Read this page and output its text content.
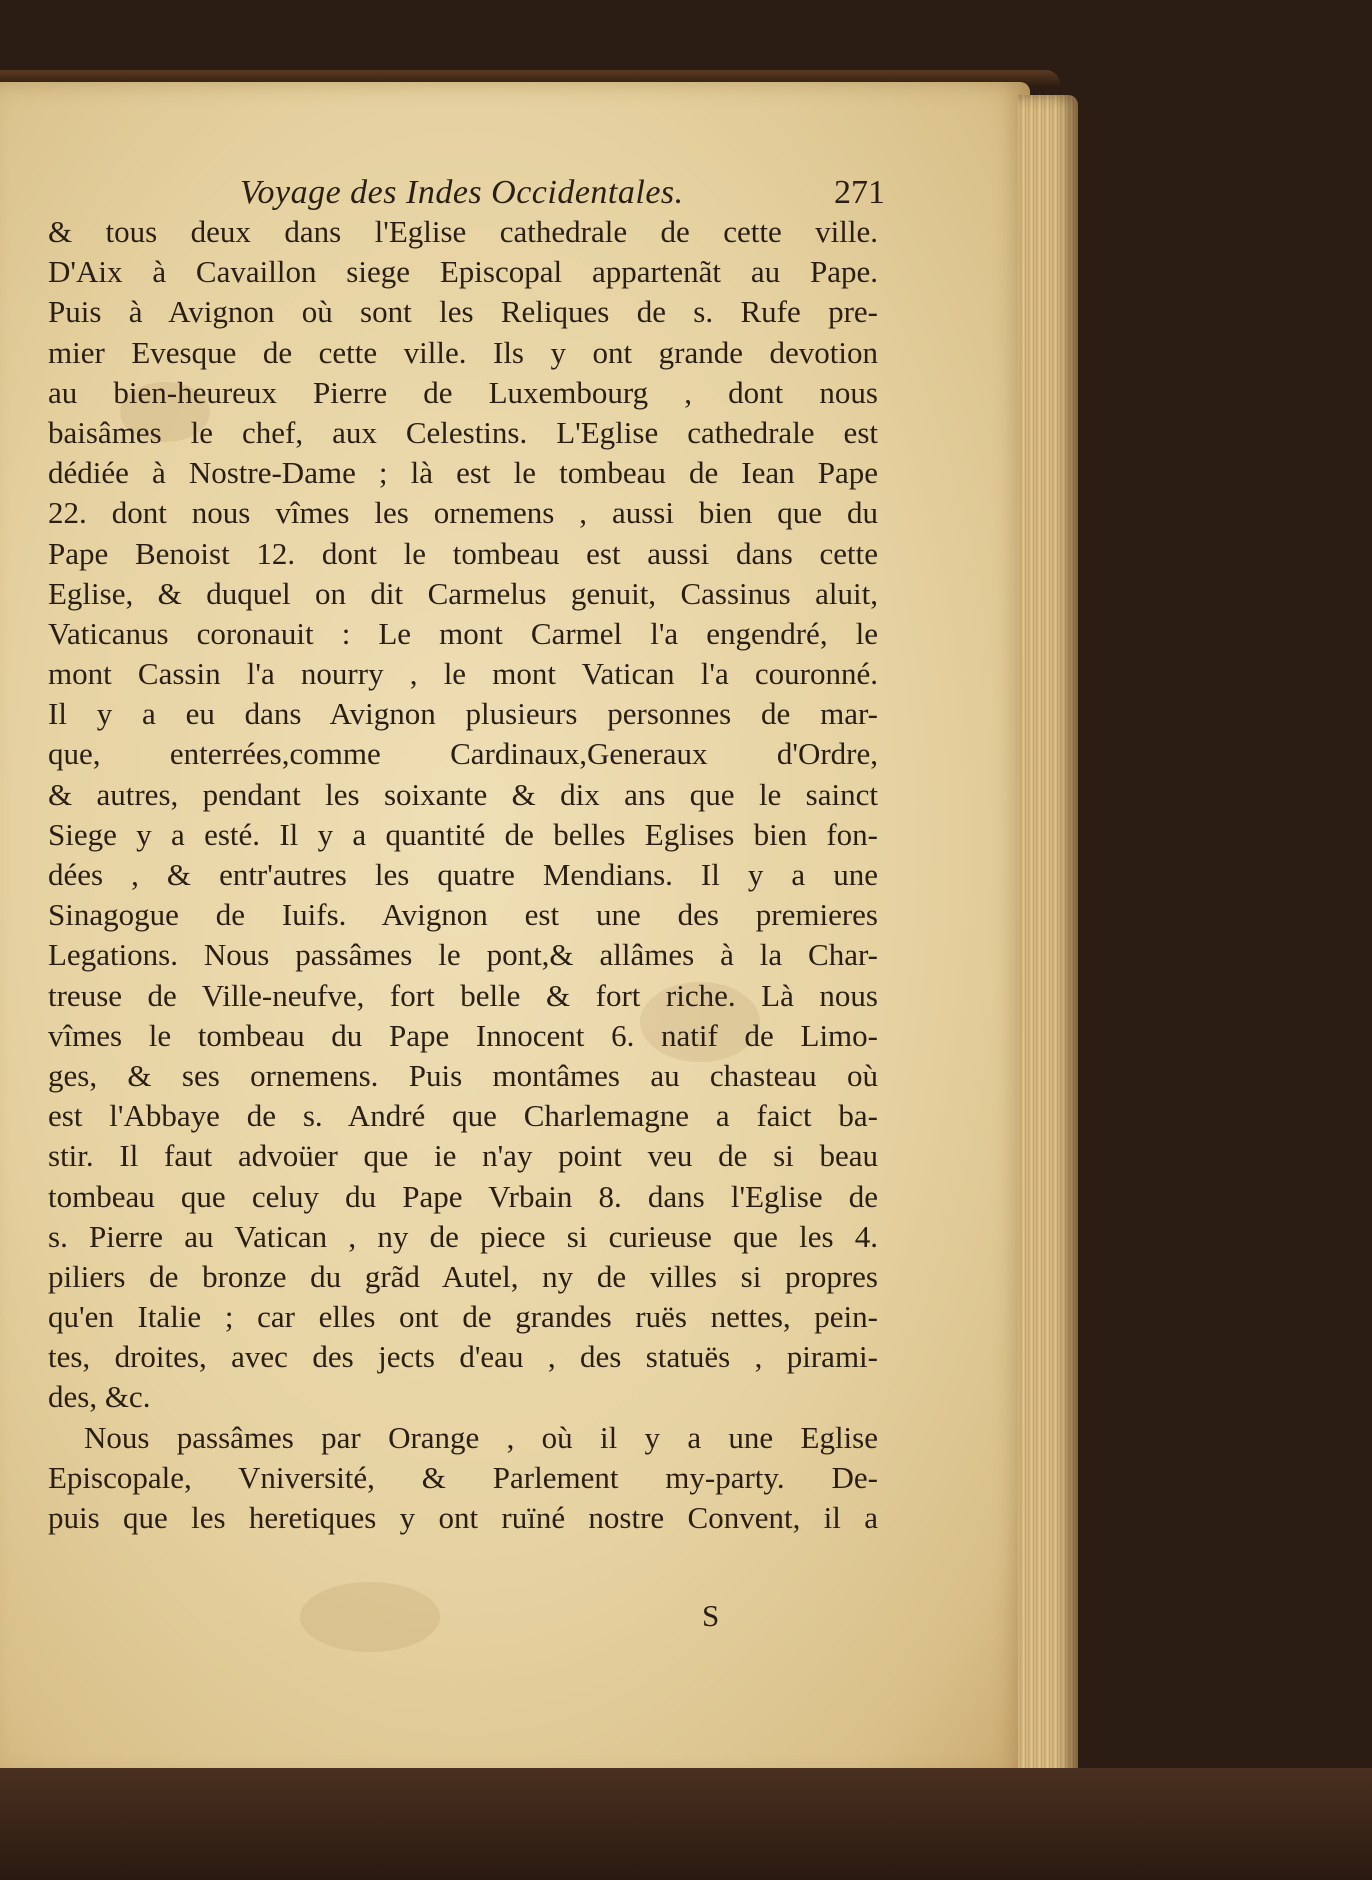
Voyage des Indes Occidentales.	271
& tous deux dans l'Eglise cathedrale de cette ville.
D'Aix à Cavaillon siege Episcopal appartenãt au Pape.
Puis à Avignon où sont les Reliques de s. Rufe pre-
mier Evesque de cette ville. Ils y ont grande devotion
au bien-heureux Pierre de Luxembourg , dont nous
baisâmes le chef, aux Celestins. L'Eglise cathedrale est
dédiée à Nostre-Dame ; là est le tombeau de Iean Pape
22. dont nous vîmes les ornemens , aussi bien que du
Pape Benoist 12. dont le tombeau est aussi dans cette
Eglise, & duquel on dit Carmelus genuit, Cassinus aluit,
Vaticanus coronauit : Le mont Carmel l'a engendré, le
mont Cassin l'a nourry , le mont Vatican l'a couronné.
Il y a eu dans Avignon plusieurs personnes de mar-
que, enterrées,comme Cardinaux,Generaux d'Ordre,
& autres, pendant les soixante & dix ans que le sainct
Siege y a esté. Il y a quantité de belles Eglises bien fon-
dées , & entr'autres les quatre Mendians. Il y a une
Sinagogue de Iuifs. Avignon est une des premieres
Legations. Nous passâmes le pont,& allâmes à la Char-
treuse de Ville-neufve, fort belle & fort riche. Là nous
vîmes le tombeau du Pape Innocent 6. natif de Limo-
ges, & ses ornemens. Puis montâmes au chasteau où
est l'Abbaye de s. André que Charlemagne a faict ba-
stir. Il faut advoüer que ie n'ay point veu de si beau
tombeau que celuy du Pape Vrbain 8. dans l'Eglise de
s. Pierre au Vatican , ny de piece si curieuse que les 4.
piliers de bronze du grãd Autel, ny de villes si propres
qu'en Italie ; car elles ont de grandes ruës nettes, pein-
tes, droites, avec des jects d'eau , des statuës , pirami-
des, &c.
Nous passâmes par Orange , où il y a une Eglise
Episcopale, Vniversité, & Parlement my-party. De-
puis que les heretiques y ont ruïné nostre Convent, il a
S
